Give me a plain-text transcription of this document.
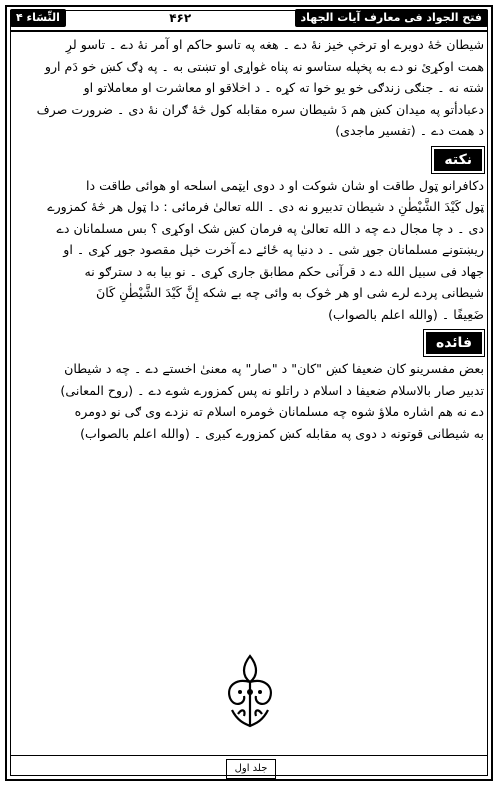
النِّسَاء ۴	۴۶۲	فتح الجواد فی معارف آیات الجهاد

شیطان څۀ دویرے او ترخې خیز نۀ دے ۔ هغه په تاسو حاکم او آمر نۀ دے ۔ تاسو لرِ

همت اوکړئ نو دے به پخپله ستاسو نه پناه غواړی او تښتی به ۔ په ډګ کښ خو دَم ارو

شته نه ۔ جنګی زندګی خو یو خوا ته کړه ۔ د اخلاقو او معاشرت او معاملاتو او

دعبادأتو په میدان کښ هم دَ شیطان سره مقابله کول څۀ ګران نۀ دی ۔ ضرورت صرف

د همت دے ۔ (تفسیر ماجدی)

نکته

دکافرانو ټول طاقت او شان شوکت او د دوی ایټمی اسلحه او هوائی طاقت دا

ټول كَيْدَ الشَّيْطٰنِ د شيطان تدبیرو نه دی ۔ الله تعالیٰ فرمائی : دا ټول هر څۀ کمزورے

دی ۔ د چا مجال دے چه د الله تعالیٰ په فرمان کښ شک اوکړی ؟ بس مسلمانان دے

ریښتونے مسلمانان جوړ شی ۔ د دنیا په ځائے دے آخرت خپل مقصود جوړ کړی ۔ او

جهاد فی سبیل الله دے د قرآنی حکم مطابق جاری کړی ۔ نو بیا به د سترګو نه

شیطانی پردے لرے شی او هر څوک به وائی چه بے شکه إِنَّ كَيْدَ الشَّيْطٰنِ كَانَ

ضَعِيفًا ۔ (والله اعلم بالصواب)

فائده

بعض مفسرینو کان ضعیفا کښ "کان" د "صار" په معنیٰ اخستے دے ۔ چه د شیطان

تدبیر صار بالاسلام ضعیفا د اسلام د راتلو نه پس کمزورے شوے دے ۔ (روح المعانی)

دے نه هم اشاره ملاؤ شوه چه مسلمانان څومره اسلام ته نزدے وی ګی نو دومره

به شیطانی قوتونه د دوی په مقابله کښ کمزورے کیږی ۔ (والله اعلم بالصواب)

جلد اول
